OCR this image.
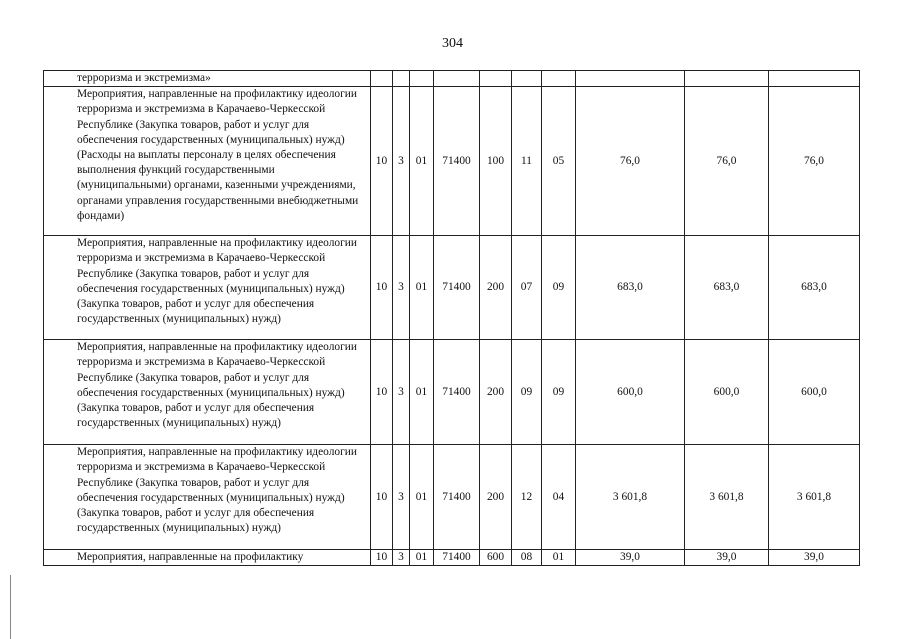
304
терроризма и экстремизма»										
Мероприятия, направленные на профилактику идеологии терроризма и экстремизма в Карачаево-Черкесской Республике (Закупка товаров, работ и услуг для обеспечения государственных (муниципальных) нужд) (Расходы на выплаты персоналу в целях обеспечения выполнения функций государственными (муниципальными) органами, казенными учреждениями, органами управления государственными внебюджетными фондами)	10	3	01	71400	100	11	05	76,0	76,0	76,0
Мероприятия, направленные на профилактику идеологии терроризма и экстремизма в Карачаево-Черкесской Республике (Закупка товаров, работ и услуг для обеспечения государственных (муниципальных) нужд) (Закупка товаров, работ и услуг для обеспечения государственных (муниципальных) нужд)	10	3	01	71400	200	07	09	683,0	683,0	683,0
Мероприятия, направленные на профилактику идеологии терроризма и экстремизма в Карачаево-Черкесской Республике (Закупка товаров, работ и услуг для обеспечения государственных (муниципальных) нужд) (Закупка товаров, работ и услуг для обеспечения государственных (муниципальных) нужд)	10	3	01	71400	200	09	09	600,0	600,0	600,0
Мероприятия, направленные на профилактику идеологии терроризма и экстремизма в Карачаево-Черкесской Республике (Закупка товаров, работ и услуг для обеспечения государственных (муниципальных) нужд) (Закупка товаров, работ и услуг для обеспечения государственных (муниципальных) нужд)	10	3	01	71400	200	12	04	3 601,8	3 601,8	3 601,8
Мероприятия, направленные на профилактику	10	3	01	71400	600	08	01	39,0	39,0	39,0
